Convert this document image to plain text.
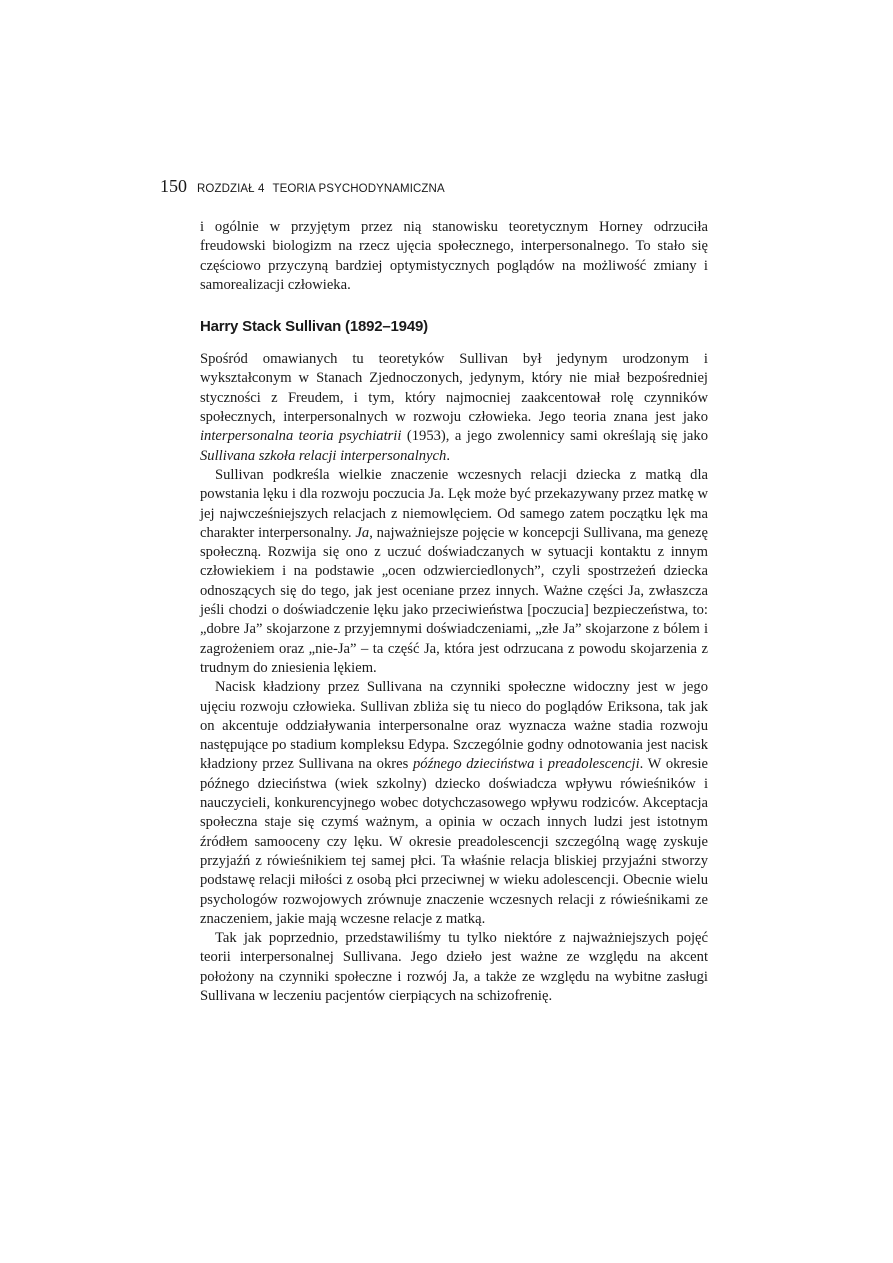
150 ROZDZIAŁ 4 TEORIA PSYCHODYNAMICZNA

i ogólnie w przyjętym przez nią stanowisku teoretycznym Horney odrzuciła freudowski biologizm na rzecz ujęcia społecznego, interpersonalnego. To stało się częściowo przyczyną bardziej optymistycznych poglądów na możliwość zmiany i samorealizacji człowieka.

Harry Stack Sullivan (1892–1949)

Spośród omawianych tu teoretyków Sullivan był jedynym urodzonym i wykształconym w Stanach Zjednoczonych, jedynym, który nie miał bezpośredniej styczności z Freudem, i tym, który najmocniej zaakcentował rolę czynników społecznych, interpersonalnych w rozwoju człowieka. Jego teoria znana jest jako interpersonalna teoria psychiatrii (1953), a jego zwolennicy sami określają się jako Sullivana szkoła relacji interpersonalnych.

Sullivan podkreśla wielkie znaczenie wczesnych relacji dziecka z matką dla powstania lęku i dla rozwoju poczucia Ja. Lęk może być przekazywany przez matkę w jej najwcześniejszych relacjach z niemowlęciem. Od samego zatem początku lęk ma charakter interpersonalny. Ja, najważniejsze pojęcie w koncepcji Sullivana, ma genezę społeczną. Rozwija się ono z uczuć doświadczanych w sytuacji kontaktu z innym człowiekiem i na podstawie „ocen odzwierciedlonych”, czyli spostrzeżeń dziecka odnoszących się do tego, jak jest oceniane przez innych. Ważne części Ja, zwłaszcza jeśli chodzi o doświadczenie lęku jako przeciwieństwa [poczucia] bezpieczeństwa, to: „dobre Ja” skojarzone z przyjemnymi doświadczeniami, „złe Ja” skojarzone z bólem i zagrożeniem oraz „nie-Ja” – ta część Ja, która jest odrzucana z powodu skojarzenia z trudnym do zniesienia lękiem.

Nacisk kładziony przez Sullivana na czynniki społeczne widoczny jest w jego ujęciu rozwoju człowieka. Sullivan zbliża się tu nieco do poglądów Eriksona, tak jak on akcentuje oddziaływania interpersonalne oraz wyznacza ważne stadia rozwoju następujące po stadium kompleksu Edypa. Szczególnie godny odnotowania jest nacisk kładziony przez Sullivana na okres późnego dzieciństwa i preadolescencji. W okresie późnego dzieciństwa (wiek szkolny) dziecko doświadcza wpływu rówieśników i nauczycieli, konkurencyjnego wobec dotychczasowego wpływu rodziców. Akceptacja społeczna staje się czymś ważnym, a opinia w oczach innych ludzi jest istotnym źródłem samooceny czy lęku. W okresie preadolescencji szczególną wagę zyskuje przyjaźń z rówieśnikiem tej samej płci. Ta właśnie relacja bliskiej przyjaźni stworzy podstawę relacji miłości z osobą płci przeciwnej w wieku adolescencji. Obecnie wielu psychologów rozwojowych zrównuje znaczenie wczesnych relacji z rówieśnikami ze znaczeniem, jakie mają wczesne relacje z matką.

Tak jak poprzednio, przedstawiliśmy tu tylko niektóre z najważniejszych pojęć teorii interpersonalnej Sullivana. Jego dzieło jest ważne ze względu na akcent położony na czynniki społeczne i rozwój Ja, a także ze względu na wybitne zasługi Sullivana w leczeniu pacjentów cierpiących na schizofrenię.
